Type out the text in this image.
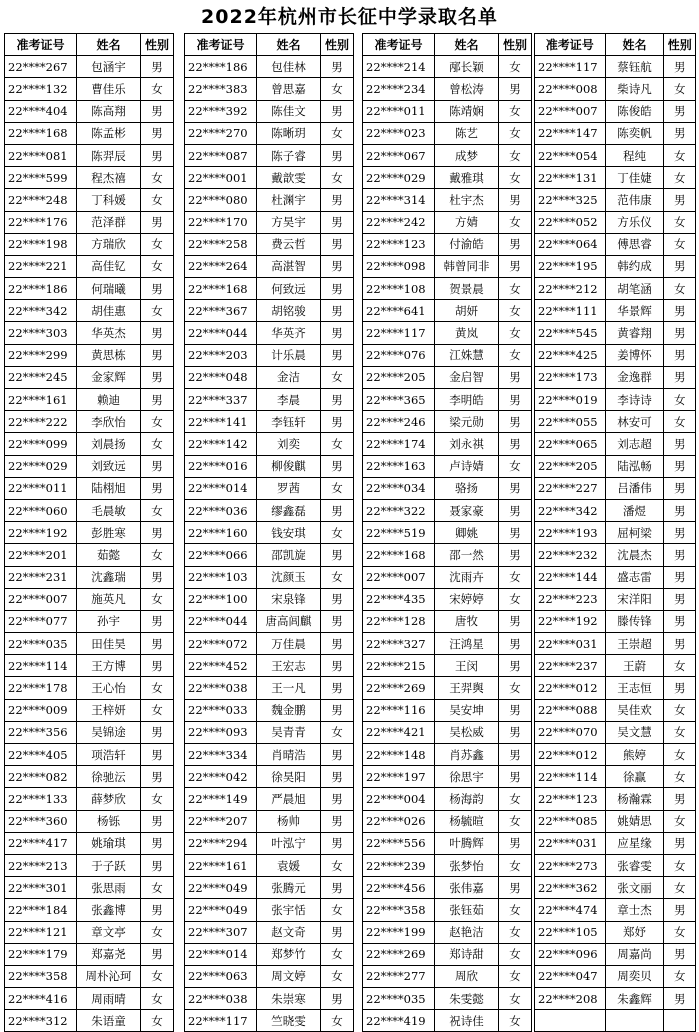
2022年杭州市长征中学录取名单
准考证号	姓名	性别
22****267	包涵宇	男
22****132	曹佳乐	女
22****404	陈高翔	男
22****168	陈孟彬	男
22****081	陈羿辰	男
22****599	程杰禧	女
22****248	丁科媛	女
22****176	范泽群	男
22****198	方瑞欣	女
22****221	高佳钇	女
22****186	何瑞曦	男
22****342	胡佳惠	女
22****303	华英杰	男
22****299	黄思栋	男
22****245	金家辉	男
22****161	赖迪	男
22****222	李欣怡	女
22****099	刘晨扬	女
22****029	刘致远	男
22****011	陆栩旭	男
22****060	毛晨敏	女
22****192	彭胜寒	男
22****201	茹懿	女
22****231	沈鑫瑞	男
22****007	施英凡	女
22****077	孙宇	男
22****035	田佳昊	男
22****114	王方博	男
22****178	王心怡	女
22****009	王梓妍	女
22****356	吴锦途	男
22****405	项浩轩	男
22****082	徐驰沄	男
22****133	薛梦欣	女
22****360	杨铄	男
22****417	姚瑜琪	男
22****213	于子跃	男
22****301	张思雨	女
22****184	张鑫博	男
22****121	章文亭	女
22****179	郑嘉尧	男
22****358	周朴沁珂	女
22****416	周雨晴	女
22****312	朱语童	女
准考证号	姓名	性别
22****186	包佳林	男
22****383	曾思嘉	女
22****392	陈佳文	男
22****270	陈晰玥	女
22****087	陈子睿	男
22****001	戴歆雯	女
22****080	杜渊宇	男
22****170	方昊宇	男
22****258	费云哲	男
22****264	高湛智	男
22****168	何致远	男
22****367	胡铭骏	男
22****044	华英齐	男
22****203	计乐晨	男
22****048	金洁	女
22****337	李晨	男
22****141	李钰轩	男
22****142	刘奕	女
22****016	柳俊麒	男
22****014	罗茜	女
22****036	缪鑫磊	男
22****160	钱安琪	女
22****066	邵凯旋	男
22****103	沈颜玉	女
22****100	宋泉锋	男
22****044	唐高闾麒	男
22****072	万佳晨	男
22****452	王宏志	男
22****038	王一凡	男
22****033	魏金鹏	男
22****093	吴青青	女
22****334	肖晴浩	男
22****042	徐昊阳	男
22****149	严晨旭	男
22****207	杨帅	男
22****294	叶泓宁	男
22****161	袁媛	女
22****049	张腾元	男
22****049	张宇恬	女
22****307	赵文奇	男
22****014	郑梦竹	女
22****063	周文婷	女
22****038	朱崇寒	男
22****117	竺晓雯	女
准考证号	姓名	性别
22****214	邴长颖	女
22****234	曾松涛	男
22****011	陈靖娴	女
22****023	陈艺	女
22****067	成梦	女
22****029	戴雅琪	女
22****314	杜宇杰	男
22****242	方婧	女
22****123	付渝皓	男
22****098	韩曾同非	男
22****108	贺景晨	女
22****641	胡妍	女
22****117	黄岚	女
22****076	江姝慧	女
22****205	金启智	男
22****365	李明皓	男
22****246	梁元勋	男
22****174	刘永祺	男
22****163	卢诗婧	女
22****034	骆扬	男
22****322	聂家豪	男
22****519	卿姚	男
22****168	邵一然	男
22****007	沈雨卉	女
22****435	宋婷婷	女
22****128	唐牧	男
22****327	汪鸿星	男
22****215	王闵	男
22****269	王羿舆	女
22****116	吴安坤	男
22****421	吴松威	男
22****148	肖苏鑫	男
22****197	徐思宇	男
22****004	杨海韵	女
22****026	杨毓暄	女
22****556	叶腾辉	男
22****239	张梦怡	女
22****456	张伟嘉	男
22****358	张钰茹	女
22****199	赵艳洁	女
22****269	郑诗甜	女
22****277	周欣	女
22****035	朱雯懿	女
22****419	祝诗佳	女
准考证号	姓名	性别
22****117	蔡钰航	男
22****008	柴诗凡	女
22****007	陈俊皓	男
22****147	陈奕帆	男
22****054	程纯	女
22****131	丁佳婕	女
22****325	范伟康	男
22****052	方乐仪	女
22****064	傅思睿	女
22****195	韩约成	男
22****212	胡笔涵	女
22****111	华景辉	男
22****545	黄睿翔	男
22****425	姜博怀	男
22****173	金逸群	男
22****019	李诗诗	女
22****055	林安可	女
22****065	刘志超	男
22****205	陆泓畅	男
22****227	吕潘伟	男
22****342	潘煜	男
22****193	屈柯梁	男
22****232	沈晨杰	男
22****144	盛志雷	男
22****223	宋洋阳	男
22****192	滕传锋	男
22****031	王崇超	男
22****237	王蔚	女
22****012	王志恒	男
22****088	吴佳欢	女
22****070	吴文慧	女
22****012	熊婷	女
22****114	徐赢	女
22****123	杨瀚霖	男
22****085	姚婧思	女
22****031	应星缘	男
22****273	张睿雯	女
22****362	张文丽	女
22****474	章士杰	男
22****105	郑妤	女
22****096	周嘉尚	男
22****047	周奕贝	女
22****208	朱鑫辉	男
